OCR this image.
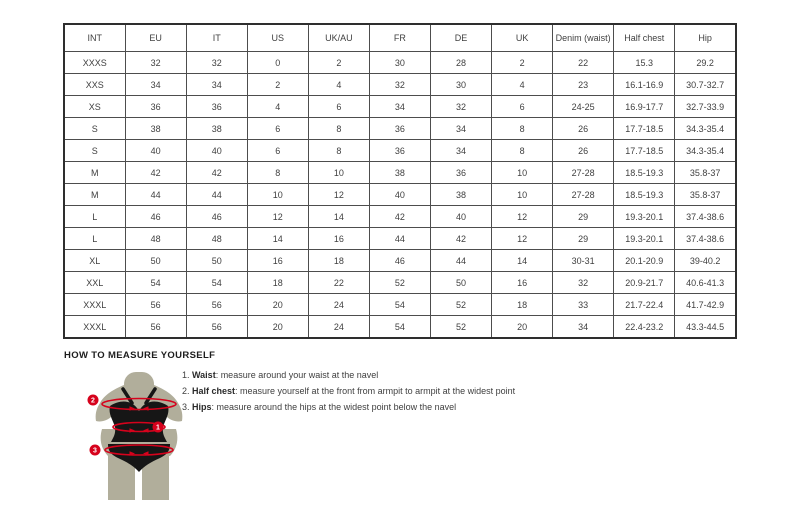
INT	EU	IT	US	UK/AU	FR	DE	UK	Denim (waist)	Half chest	Hip
XXXS	32	32	0	2	30	28	2	22	15.3	29.2
XXS	34	34	2	4	32	30	4	23	16.1-16.9	30.7-32.7
XS	36	36	4	6	34	32	6	24-25	16.9-17.7	32.7-33.9
S	38	38	6	8	36	34	8	26	17.7-18.5	34.3-35.4
S	40	40	6	8	36	34	8	26	17.7-18.5	34.3-35.4
M	42	42	8	10	38	36	10	27-28	18.5-19.3	35.8-37
M	44	44	10	12	40	38	10	27-28	18.5-19.3	35.8-37
L	46	46	12	14	42	40	12	29	19.3-20.1	37.4-38.6
L	48	48	14	16	44	42	12	29	19.3-20.1	37.4-38.6
XL	50	50	16	18	46	44	14	30-31	20.1-20.9	39-40.2
XXL	54	54	18	22	52	50	16	32	20.9-21.7	40.6-41.3
XXXL	56	56	20	24	54	52	18	33	21.7-22.4	41.7-42.9
XXXL	56	56	20	24	54	52	20	34	22.4-23.2	43.3-44.5
HOW TO MEASURE YOURSELF
1. Waist: measure around your waist at the navel
2. Half chest: measure yourself at the front from armpit to armpit at the widest point
3. Hips: measure around the hips at the widest point below the navel
2
1
3
